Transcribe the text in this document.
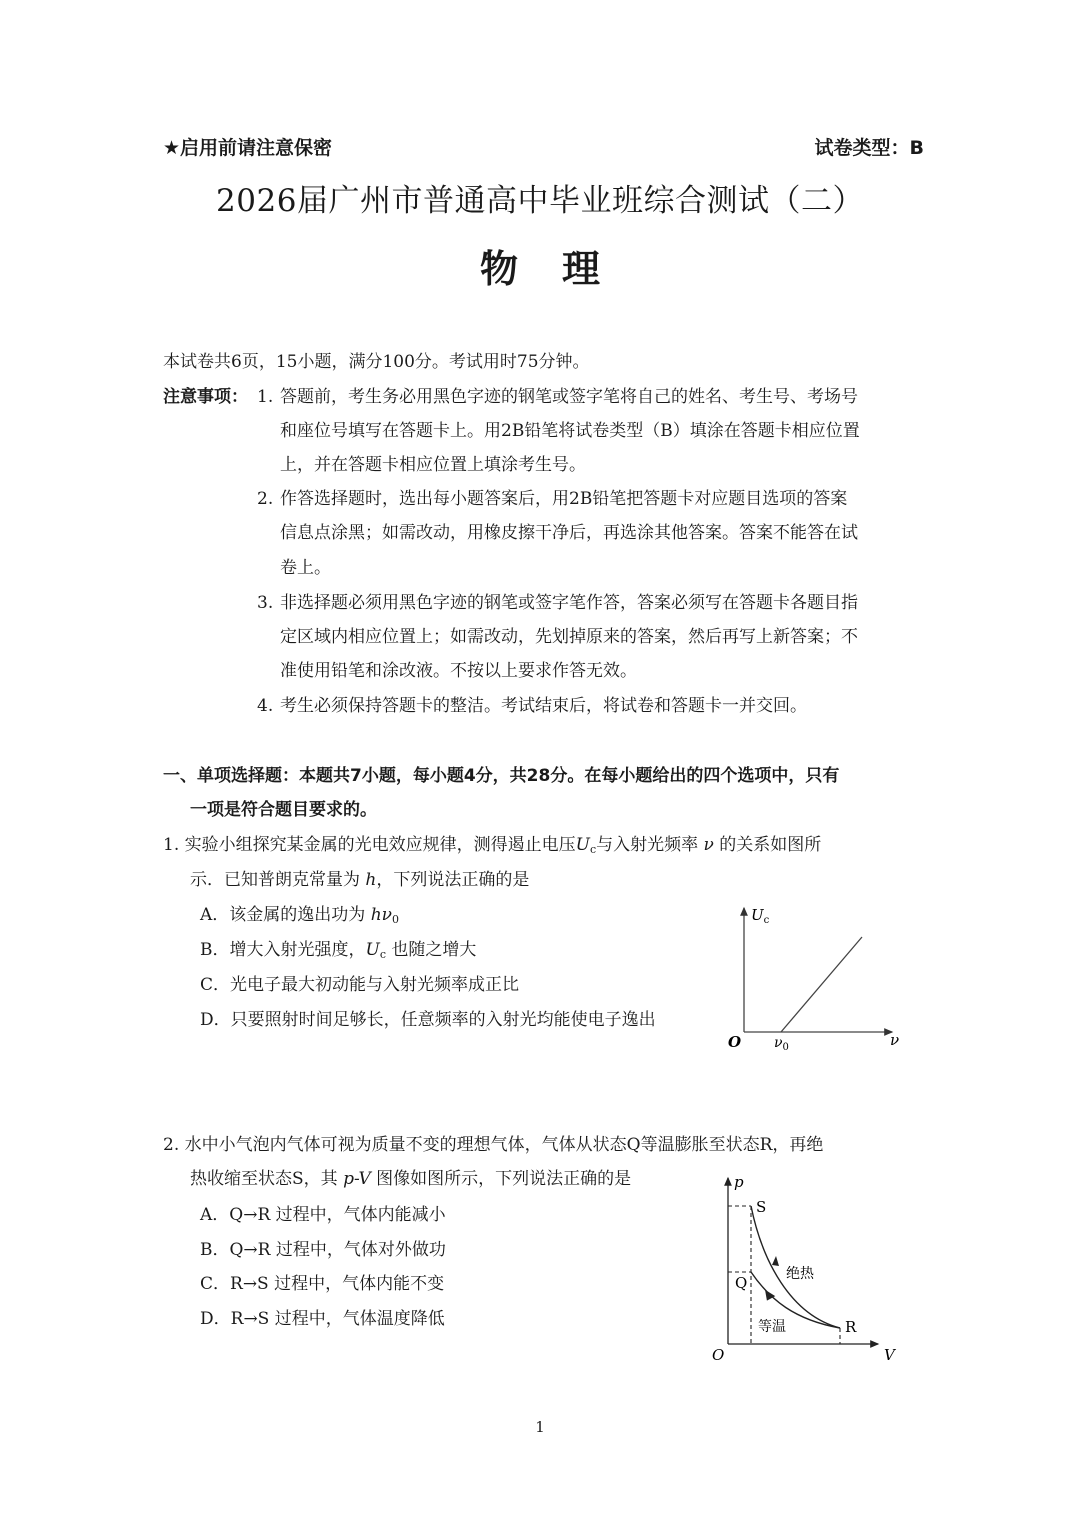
★启用前请注意保密	试卷类型：B
2026届广州市普通高中毕业班综合测试（二）
物理
本试卷共6页，15小题，满分100分。考试用时75分钟。
注意事项： 1. 答题前，考生务必用黑色字迹的钢笔或签字笔将自己的姓名、考生号、考场号
和座位号填写在答题卡上。用2B铅笔将试卷类型（B）填涂在答题卡相应位置
上，并在答题卡相应位置上填涂考生号。
2. 作答选择题时，选出每小题答案后，用2B铅笔把答题卡对应题目选项的答案
信息点涂黑；如需改动，用橡皮擦干净后，再选涂其他答案。答案不能答在试
卷上。
3. 非选择题必须用黑色字迹的钢笔或签字笔作答，答案必须写在答题卡各题目指
定区域内相应位置上；如需改动，先划掉原来的答案，然后再写上新答案；不
准使用铅笔和涂改液。不按以上要求作答无效。
4. 考生必须保持答题卡的整洁。考试结束后，将试卷和答题卡一并交回。
一、单项选择题：本题共7小题，每小题4分，共28分。在每小题给出的四个选项中，只有
一项是符合题目要求的。
1. 实验小组探究某金属的光电效应规律，测得遏止电压$U_c$与入射光频率 ν 的关系如图所
示．已知普朗克常量为 h，下列说法正确的是
A．该金属的逸出功为 $h\nu_0$
B．增大入射光强度，$U_c$ 也随之增大
C．光电子最大初动能与入射光频率成正比
D．只要照射时间足够长，任意频率的入射光均能使电子逸出
$U_c$
O $\nu_0$	ν
2. 水中小气泡内气体可视为质量不变的理想气体，气体从状态Q等温膨胀至状态R，再绝
热收缩至状态S，其 p-V 图像如图所示，下列说法正确的是
A．Q→R 过程中，气体内能减小
B．Q→R 过程中，气体对外做功
C．R→S 过程中，气体内能不变
D．R→S 过程中，气体温度降低
p
S
Q
R
绝热
等温
O	V
1
